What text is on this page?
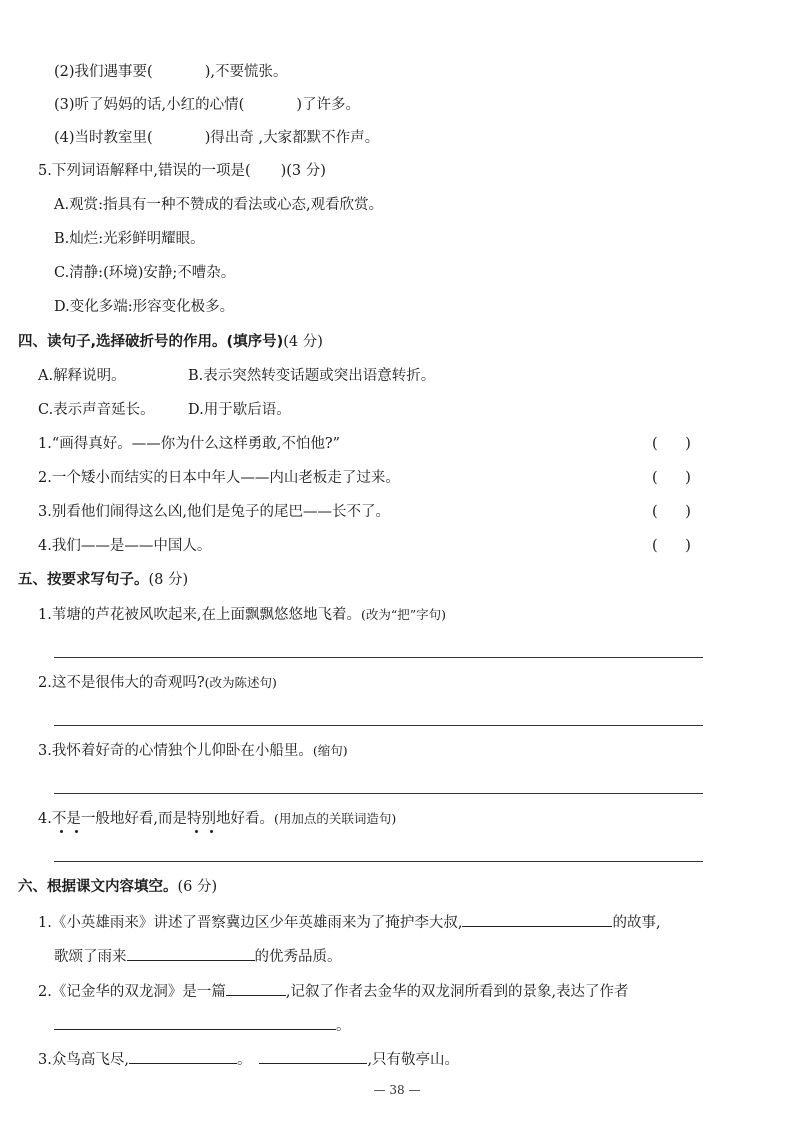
(2)我们遇事要(	),不要慌张。
(3)听了妈妈的话,小红的心情(	)了许多。
(4)当时教室里(	)得出奇 ,大家都默不作声。
5.下列词语解释中,错误的一项是( )(3 分)
A.观赏:指具有一种不赞成的看法或心态,观看欣赏。
B.灿烂:光彩鲜明耀眼。
C.清静:(环境)安静;不嘈杂。
D.变化多端:形容变化极多。
四、读句子,选择破折号的作用。(填序号)(4 分)
A.解释说明。	B.表示突然转变话题或突出语意转折。
C.表示声音延长。 D.用于歇后语。
1.“画得真好。——你为什么这样勇敢,不怕他?”	(      )
2.一个矮小而结实的日本中年人——内山老板走了过来。	(      )
3.别看他们闹得这么凶,他们是兔子的尾巴——长不了。	(      )
4.我们——是——中国人。	(      )
五、按要求写句子。(8 分)
1.苇塘的芦花被风吹起来,在上面飘飘悠悠地飞着。(改为“把”字句)
2.这不是很伟大的奇观吗?(改为陈述句)
3.我怀着好奇的心情独个儿仰卧在小船里。(缩句)
4.不是一般地好看,而是特别地好看。(用加点的关联词造句)
六、根据课文内容填空。(6 分)
1.《小英雄雨来》讲述了晋察冀边区少年英雄雨来为了掩护李大叔,	的故事,
歌颂了雨来	的优秀品质。
2.《记金华的双龙洞》是一篇	,记叙了作者去金华的双龙洞所看到的景象,表达了作者
。
3.众鸟高飞尽,	。	,只有敬亭山。
— 38 —
